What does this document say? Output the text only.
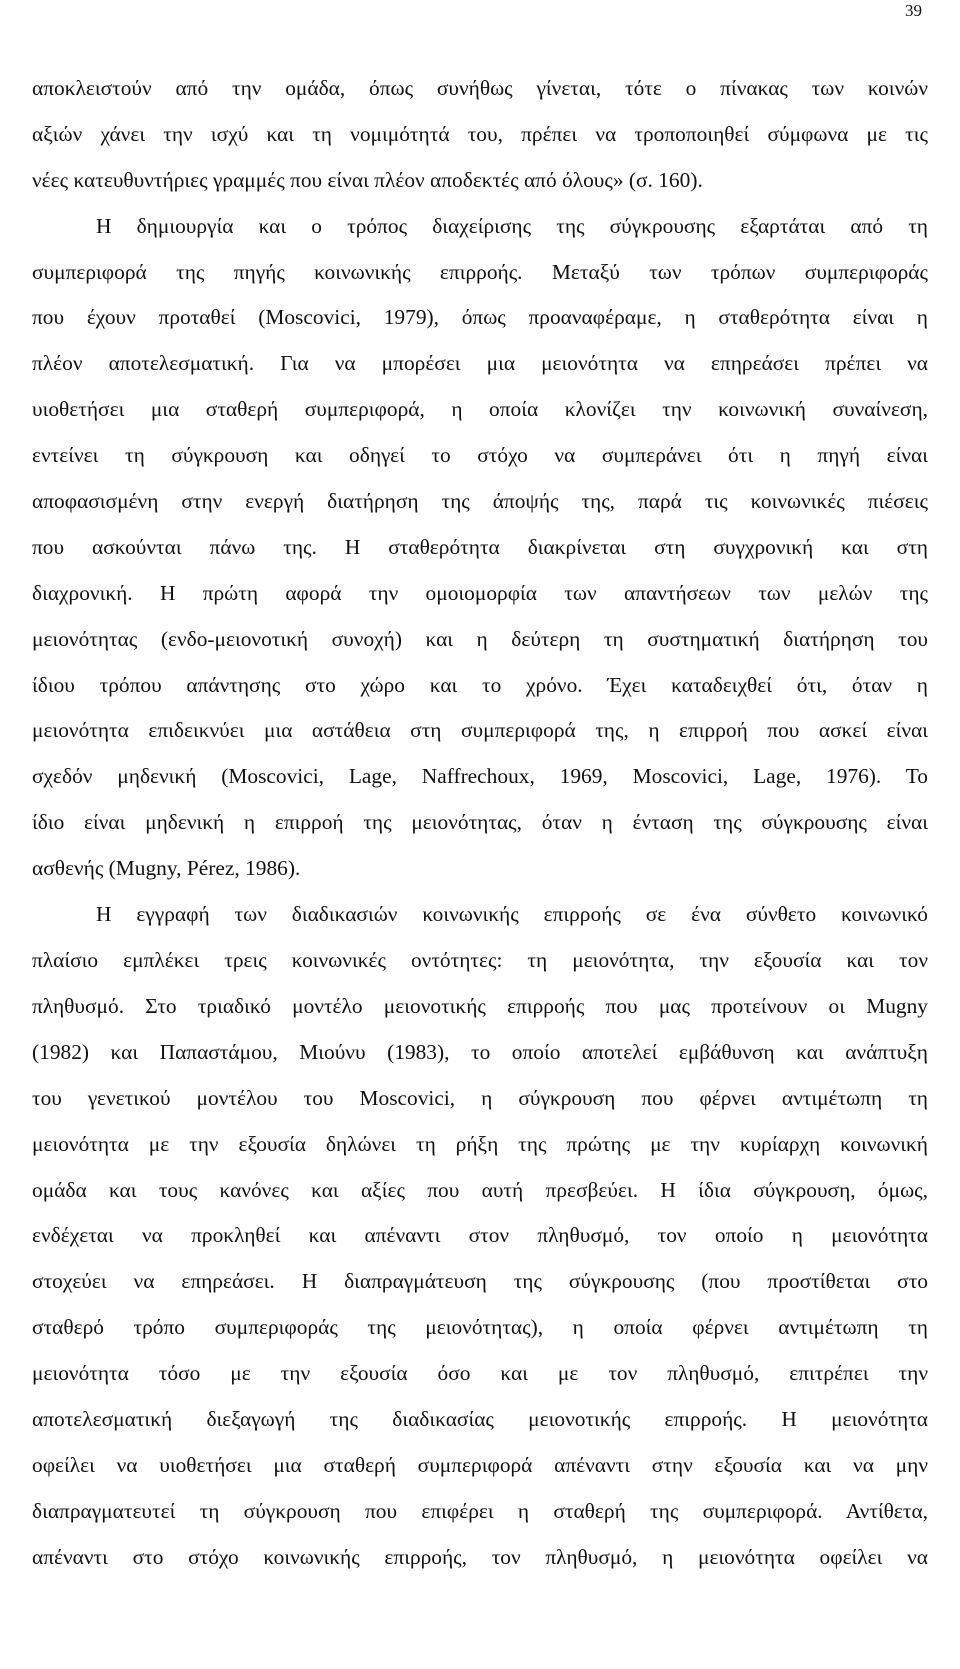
39
αποκλειστούν από την ομάδα, όπως συνήθως γίνεται, τότε ο πίνακας των κοινών
αξιών χάνει την ισχύ και τη νομιμότητά του, πρέπει να τροποποιηθεί σύμφωνα με τις
νέες κατευθυντήριες γραμμές που είναι πλέον αποδεκτές από όλους» (σ. 160).
Η δημιουργία και ο τρόπος διαχείρισης της σύγκρουσης εξαρτάται από τη
συμπεριφορά της πηγής κοινωνικής επιρροής. Μεταξύ των τρόπων συμπεριφοράς
που έχουν προταθεί (Moscovici, 1979), όπως προαναφέραμε, η σταθερότητα είναι η
πλέον αποτελεσματική. Για να μπορέσει μια μειονότητα να επηρεάσει πρέπει να
υιοθετήσει μια σταθερή συμπεριφορά, η οποία κλονίζει την κοινωνική συναίνεση,
εντείνει τη σύγκρουση και οδηγεί το στόχο να συμπεράνει ότι η πηγή είναι
αποφασισμένη στην ενεργή διατήρηση της άποψής της, παρά τις κοινωνικές πιέσεις
που ασκούνται πάνω της. Η σταθερότητα διακρίνεται στη συγχρονική και στη
διαχρονική. Η πρώτη αφορά την ομοιομορφία των απαντήσεων των μελών της
μειονότητας (ενδο-μειονοτική συνοχή) και η δεύτερη τη συστηματική διατήρηση του
ίδιου τρόπου απάντησης στο χώρο και το χρόνο. Έχει καταδειχθεί ότι, όταν η
μειονότητα επιδεικνύει μια αστάθεια στη συμπεριφορά της, η επιρροή που ασκεί είναι
σχεδόν μηδενική (Moscovici, Lage, Naffrechoux, 1969, Moscovici, Lage, 1976). Το
ίδιο είναι μηδενική η επιρροή της μειονότητας, όταν η ένταση της σύγκρουσης είναι
ασθενής (Mugny, Pérez, 1986).
Η εγγραφή των διαδικασιών κοινωνικής επιρροής σε ένα σύνθετο κοινωνικό
πλαίσιο εμπλέκει τρεις κοινωνικές οντότητες: τη μειονότητα, την εξουσία και τον
πληθυσμό. Στο τριαδικό μοντέλο μειονοτικής επιρροής που μας προτείνουν οι Mugny
(1982) και Παπαστάμου, Μιούνυ (1983), το οποίο αποτελεί εμβάθυνση και ανάπτυξη
του γενετικού μοντέλου του Moscovici, η σύγκρουση που φέρνει αντιμέτωπη τη
μειονότητα με την εξουσία δηλώνει τη ρήξη της πρώτης με την κυρίαρχη κοινωνική
ομάδα και τους κανόνες και αξίες που αυτή πρεσβεύει. Η ίδια σύγκρουση, όμως,
ενδέχεται να προκληθεί και απέναντι στον πληθυσμό, τον οποίο η μειονότητα
στοχεύει να επηρεάσει. Η διαπραγμάτευση της σύγκρουσης (που προστίθεται στο
σταθερό τρόπο συμπεριφοράς της μειονότητας), η οποία φέρνει αντιμέτωπη τη
μειονότητα τόσο με την εξουσία όσο και με τον πληθυσμό, επιτρέπει την
αποτελεσματική διεξαγωγή της διαδικασίας μειονοτικής επιρροής. Η μειονότητα
οφείλει να υιοθετήσει μια σταθερή συμπεριφορά απέναντι στην εξουσία και να μην
διαπραγματευτεί τη σύγκρουση που επιφέρει η σταθερή της συμπεριφορά. Αντίθετα,
απέναντι στο στόχο κοινωνικής επιρροής, τον πληθυσμό, η μειονότητα οφείλει να
